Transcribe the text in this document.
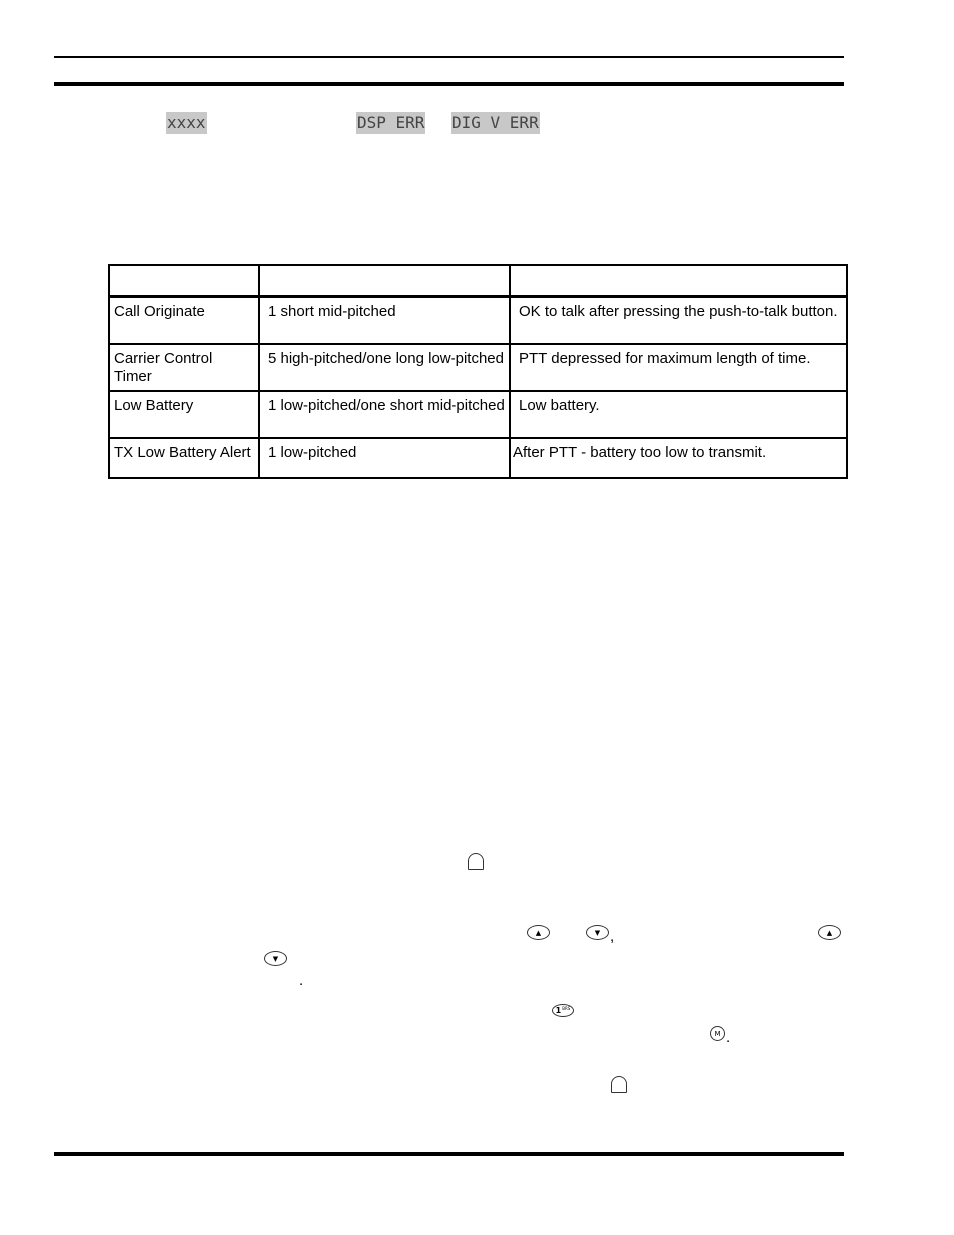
xxxx	DSP ERR DIG V ERR

Call Originate	1 short mid-pitched	OK to talk after pressing the push-to-talk button.
Carrier Control Timer	5 high-pitched/one long low-pitched	PTT depressed for maximum length of time.
Low Battery	1 low-pitched/one short mid-pitched	Low battery.
TX Low Battery Alert	1 low-pitched	After PTT - battery too low to transmit.
▲	▼ ,	▲
▼
.
1 BRS
M .
